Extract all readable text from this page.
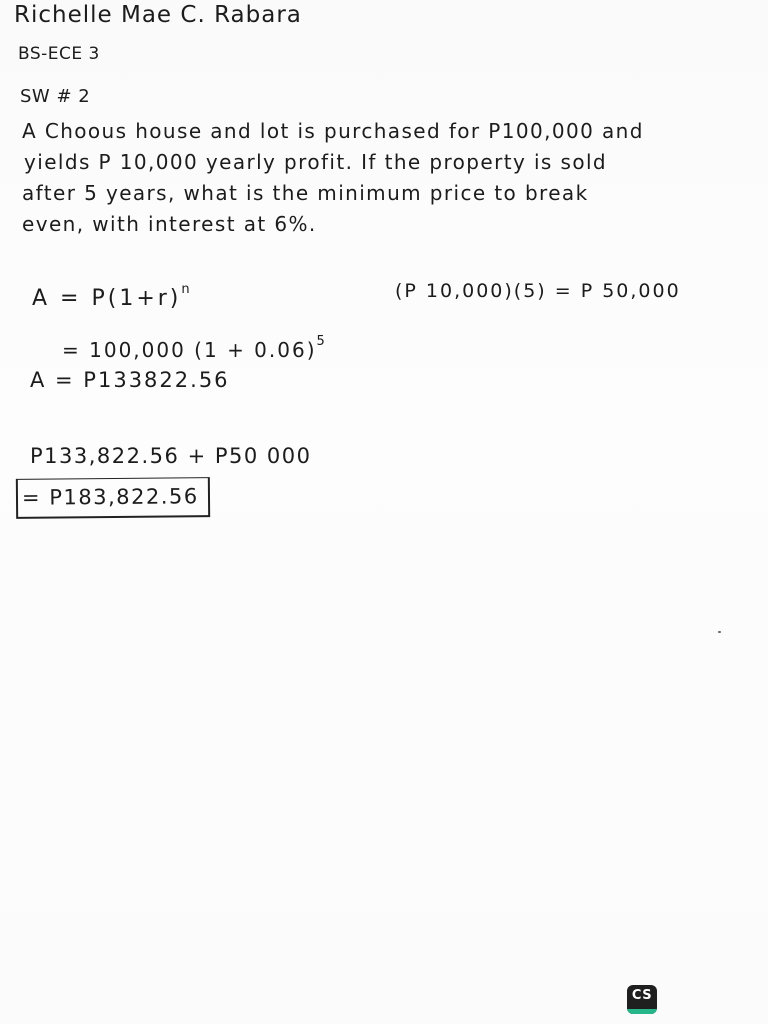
Richelle Mae C. Rabara
BS-ECE 3
SW # 2
A Choous house and lot is purchased for P100,000 and
yields P 10,000 yearly profit. If the property is sold
after 5 years, what is the minimum price to break
even, with interest at 6%.
$A = P(1+r)^n$	(P 10,000)(5) = P 50,000
= 100,000 $(1 + 0.06)^5$
A = P133822.56
P133,822.56 + P50 000
= P183,822.56
CS
